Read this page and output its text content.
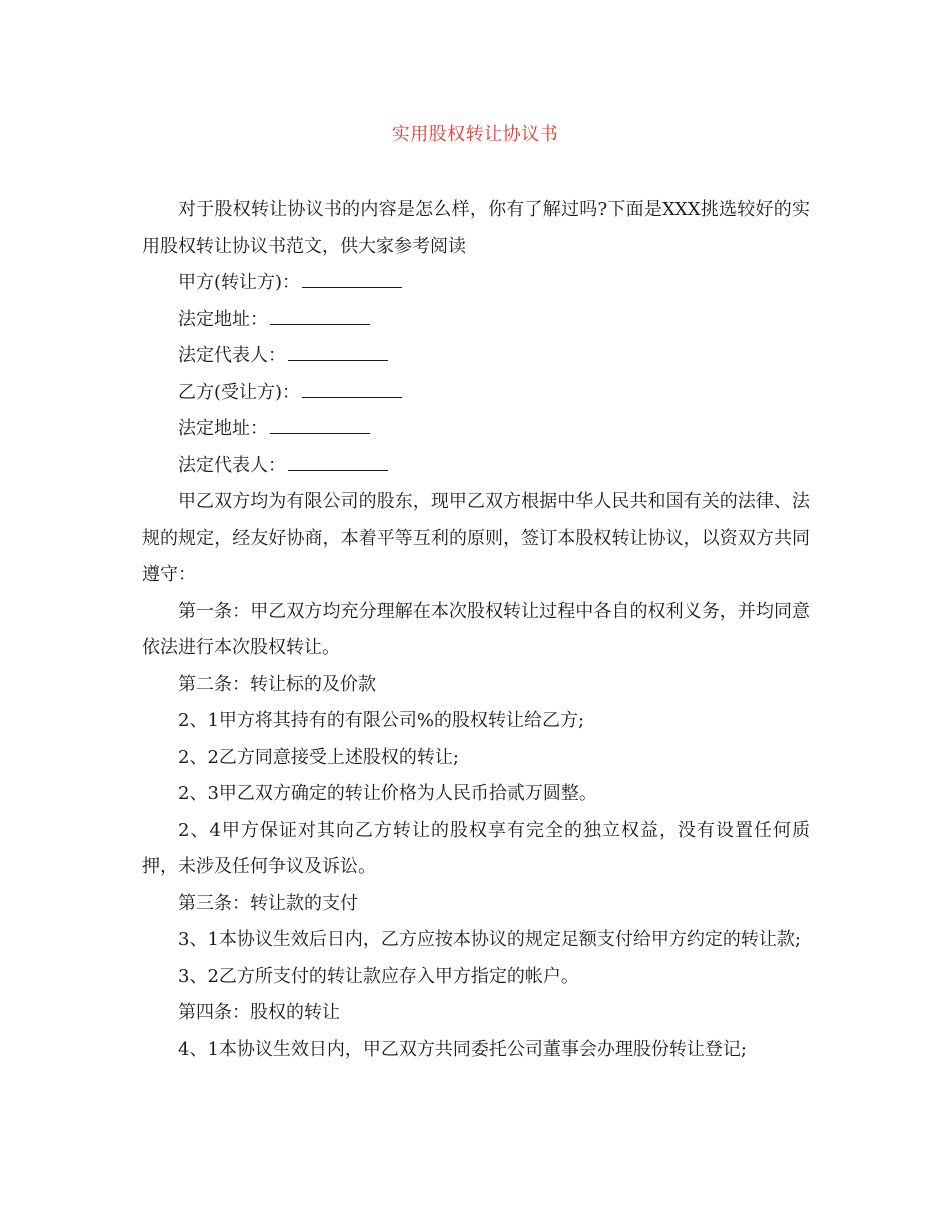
实用股权转让协议书

对于股权转让协议书的内容是怎么样，你有了解过吗?下面是XXX挑选较好的实用股权转让协议书范文，供大家参考阅读

甲方(转让方)：

法定地址：

法定代表人：

乙方(受让方)：

法定地址：

法定代表人：

甲乙双方均为有限公司的股东，现甲乙双方根据中华人民共和国有关的法律、法规的规定，经友好协商，本着平等互利的原则，签订本股权转让协议，以资双方共同遵守：

第一条：甲乙双方均充分理解在本次股权转让过程中各自的权利义务，并均同意依法进行本次股权转让。

第二条：转让标的及价款

2、1甲方将其持有的有限公司%的股权转让给乙方;

2、2乙方同意接受上述股权的转让;

2、3甲乙双方确定的转让价格为人民币拾贰万圆整。

2、4甲方保证对其向乙方转让的股权享有完全的独立权益，没有设置任何质押，未涉及任何争议及诉讼。

第三条：转让款的支付

3、1本协议生效后日内，乙方应按本协议的规定足额支付给甲方约定的转让款;

3、2乙方所支付的转让款应存入甲方指定的帐户。

第四条：股权的转让

4、1本协议生效日内，甲乙双方共同委托公司董事会办理股份转让登记;
